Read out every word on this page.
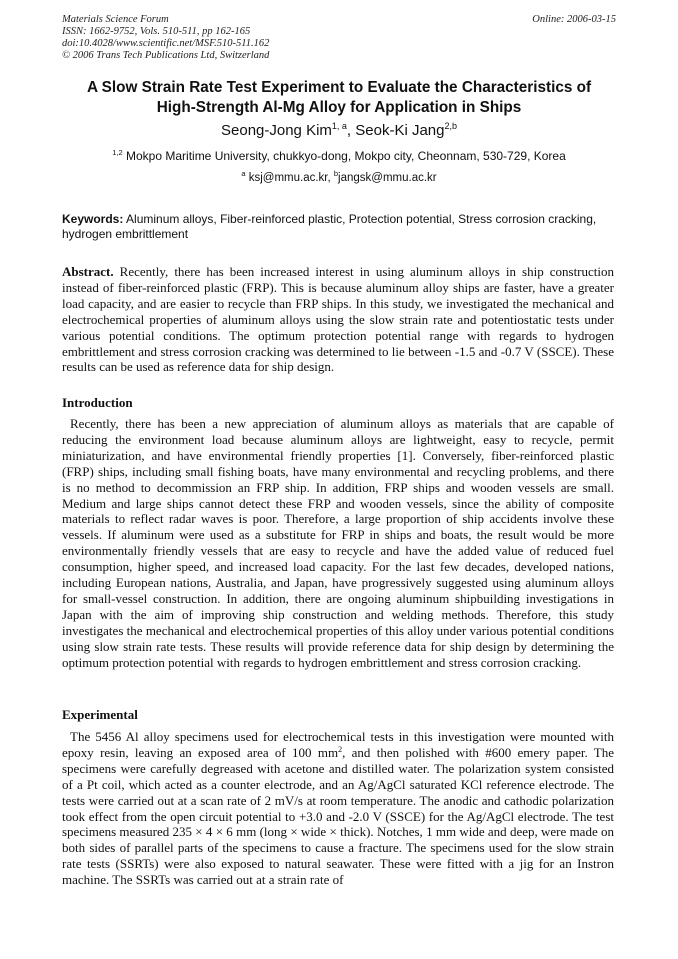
Materials Science Forum
ISSN: 1662-9752, Vols. 510-511, pp 162-165
doi:10.4028/www.scientific.net/MSF.510-511.162
© 2006 Trans Tech Publications Ltd, Switzerland
Online: 2006-03-15
A Slow Strain Rate Test Experiment to Evaluate the Characteristics of
High-Strength Al-Mg Alloy for Application in Ships
Seong-Jong Kim$^{1, a}$, Seok-Ki Jang$^{2,b}$
$^{1,2}$ Mokpo Maritime University, chukkyo-dong, Mokpo city, Cheonnam, 530-729, Korea
$^a$ ksj@mmu.ac.kr, $^b$jangsk@mmu.ac.kr
Keywords: Aluminum alloys, Fiber-reinforced plastic, Protection potential, Stress corrosion cracking, hydrogen embrittlement
Abstract. Recently, there has been increased interest in using aluminum alloys in ship construction instead of fiber-reinforced plastic (FRP). This is because aluminum alloy ships are faster, have a greater load capacity, and are easier to recycle than FRP ships. In this study, we investigated the mechanical and electrochemical properties of aluminum alloys using the slow strain rate and potentiostatic tests under various potential conditions. The optimum protection potential range with regards to hydrogen embrittlement and stress corrosion cracking was determined to lie between -1.5 and -0.7 V (SSCE). These results can be used as reference data for ship design.
Introduction
Recently, there has been a new appreciation of aluminum alloys as materials that are capable of reducing the environment load because aluminum alloys are lightweight, easy to recycle, permit miniaturization, and have environmental friendly properties [1]. Conversely, fiber-reinforced plastic (FRP) ships, including small fishing boats, have many environmental and recycling problems, and there is no method to decommission an FRP ship. In addition, FRP ships and wooden vessels are small. Medium and large ships cannot detect these FRP and wooden vessels, since the ability of composite materials to reflect radar waves is poor. Therefore, a large proportion of ship accidents involve these vessels. If aluminum were used as a substitute for FRP in ships and boats, the result would be more environmentally friendly vessels that are easy to recycle and have the added value of reduced fuel consumption, higher speed, and increased load capacity. For the last few decades, developed nations, including European nations, Australia, and Japan, have progressively suggested using aluminum alloys for small-vessel construction. In addition, there are ongoing aluminum shipbuilding investigations in Japan with the aim of improving ship construction and welding methods. Therefore, this study investigates the mechanical and electrochemical properties of this alloy under various potential conditions using slow strain rate tests. These results will provide reference data for ship design by determining the optimum protection potential with regards to hydrogen embrittlement and stress corrosion cracking.
Experimental
The 5456 Al alloy specimens used for electrochemical tests in this investigation were mounted with epoxy resin, leaving an exposed area of 100 $mm^2$, and then polished with #600 emery paper. The specimens were carefully degreased with acetone and distilled water. The polarization system consisted of a Pt coil, which acted as a counter electrode, and an Ag/AgCl saturated KCl reference electrode. The tests were carried out at a scan rate of 2 mV/s at room temperature. The anodic and cathodic polarization took effect from the open circuit potential to +3.0 and -2.0 V (SSCE) for the Ag/AgCl electrode. The test specimens measured 235 × 4 × 6 mm (long × wide × thick). Notches, 1 mm wide and deep, were made on both sides of parallel parts of the specimens to cause a fracture. The specimens used for the slow strain rate tests (SSRTs) were also exposed to natural seawater. These were fitted with a jig for an Instron machine. The SSRTs was carried out at a strain rate of
